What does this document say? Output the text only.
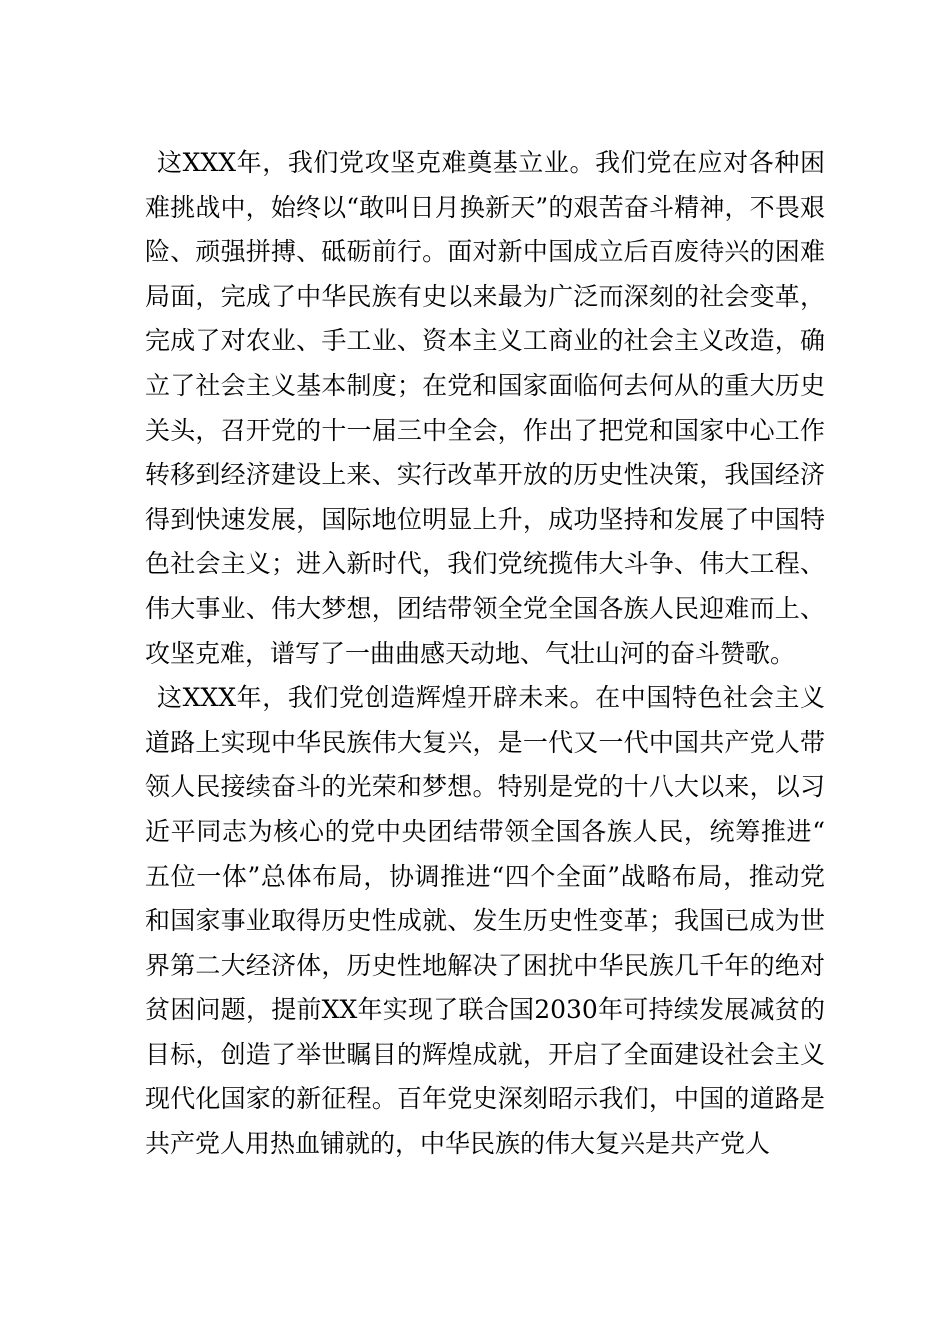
这XXX年，我们党攻坚克难奠基立业。我们党在应对各种困难挑战中，始终以“敢叫日月换新天”的艰苦奋斗精神，不畏艰险、顽强拼搏、砥砺前行。面对新中国成立后百废待兴的困难局面，完成了中华民族有史以来最为广泛而深刻的社会变革，完成了对农业、手工业、资本主义工商业的社会主义改造，确立了社会主义基本制度；在党和国家面临何去何从的重大历史关头，召开党的十一届三中全会，作出了把党和国家中心工作转移到经济建设上来、实行改革开放的历史性决策，我国经济得到快速发展，国际地位明显上升，成功坚持和发展了中国特色社会主义；进入新时代，我们党统揽伟大斗争、伟大工程、伟大事业、伟大梦想，团结带领全党全国各族人民迎难而上、攻坚克难，谱写了一曲曲感天动地、气壮山河的奋斗赞歌。

这XXX年，我们党创造辉煌开辟未来。在中国特色社会主义道路上实现中华民族伟大复兴，是一代又一代中国共产党人带领人民接续奋斗的光荣和梦想。特别是党的十八大以来，以习近平同志为核心的党中央团结带领全国各族人民，统筹推进“五位一体”总体布局，协调推进“四个全面”战略布局，推动党和国家事业取得历史性成就、发生历史性变革；我国已成为世界第二大经济体，历史性地解决了困扰中华民族几千年的绝对贫困问题，提前XX年实现了联合国2030年可持续发展减贫的目标，创造了举世瞩目的辉煌成就，开启了全面建设社会主义现代化国家的新征程。百年党史深刻昭示我们，中国的道路是共产党人用热血铺就的，中华民族的伟大复兴是共产党人
